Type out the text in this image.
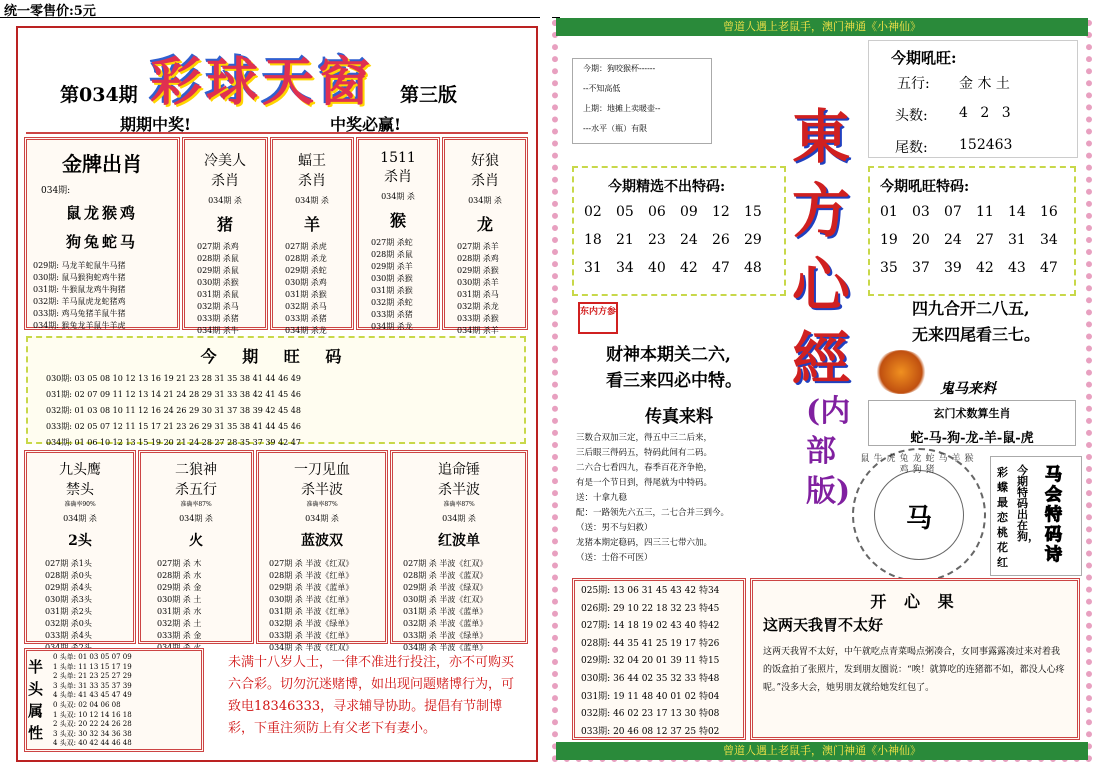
统一零售价:5元
第034期 彩球天窗 第三版
期期中奖!	中奖必赢!
金牌出肖
034期:
鼠龙猴鸡
狗兔蛇马
029期: 马龙羊蛇鼠牛马猪
030期: 鼠马猴狗蛇鸡牛猪
031期: 牛猴鼠龙鸡牛狗猪
032期: 羊马鼠虎龙蛇猪鸡
033期: 鸡马兔猪羊鼠牛猪
034期: 猴兔龙羊鼠牛羊虎
冷美人
杀肖
034期 杀
猪
027期 杀鸡
028期 杀鼠
029期 杀鼠
030期 杀猴
031期 杀鼠
032期 杀马
033期 杀猪
034期 杀牛
蝠王
杀肖
034期 杀
羊
027期 杀虎
028期 杀龙
029期 杀蛇
030期 杀鸡
031期 杀猴
032期 杀马
033期 杀猪
034期 杀龙
1511
杀肖
034期 杀
猴
027期 杀蛇
028期 杀鼠
029期 杀羊
030期 杀猴
031期 杀猴
032期 杀蛇
033期 杀猪
034期 杀龙
好狼
杀肖
034期 杀
龙
027期 杀羊
028期 杀鸡
029期 杀猴
030期 杀羊
031期 杀马
032期 杀龙
033期 杀猴
034期 杀羊
今 期 旺 码
030期: 03 05 08 10 12 13 16 19 21 23 28 31 35 38 41 44 46 49
031期: 02 07 09 11 12 13 14 21 24 28 29 31 33 38 42 41 45 46
032期: 01 03 08 10 11 12 16 24 26 29 30 31 37 38 39 42 45 48
033期: 02 05 07 12 11 15 17 21 23 26 29 31 35 38 41 44 45 46
034期: 01 06 10 12 13 15 19 20 21 24 28 27 28 35 37 39 42 47
九头鹰
禁头
准确率90%
034期 杀
2头
027期 杀1头
028期 杀0头
029期 杀4头
030期 杀3头
031期 杀2头
032期 杀0头
033期 杀4头
二狼神
杀五行
准确率87%
034期 杀
火
027期 杀 木
028期 杀 水
029期 杀 金
030期 杀 土
031期 杀 水
032期 杀 土
033期 杀 金
一刀见血
杀半波
准确率87%
034期 杀
蓝波双
027期 杀 半波《红双》
028期 杀 半波《红单》
029期 杀 半波《蓝单》
030期 杀 半波《红单》
031期 杀 半波《红单》
032期 杀 半波《绿单》
033期 杀 半波《红单》
034期 杀 半波《红双》
追命锤
杀半波
准确率87%
034期 杀
红波单
027期 杀 半波《红双》
028期 杀 半波《蓝双》
029期 杀 半波《绿双》
030期 杀 半波《红双》
031期 杀 半波《蓝单》
032期 杀 半波《蓝单》
033期 杀 半波《绿单》
034期 杀 半波《蓝单》
0 头单: 01 03 05 07 09
1 头单: 11 13 15 17 19
2 头单: 21 23 25 27 29
3 头单: 31 33 35 37 39
4 头单: 41 43 45 47 49
0 头双: 02 04 06 08
1 头双: 10 12 14 16 18
2 头双: 20 22 24 26 28
3 头双: 30 32 34 36 38
4 头双: 40 42 44 46 48
半头属性
未满十八岁人士，一律不准进行投注，亦不可购买六合彩。切勿沉迷赌博，如出现问题赌博行为，可致电18346333，寻求辅导协助。提倡有节制博彩，下重注须防上有父老下有妻小。
曾道人遇上老鼠手，澳门神通《小神仙》
曾道人遇上老鼠手，澳门神通《小神仙》
今期：狗咬猴杯------
--不知高低
上期：地摊上卖暖壶--
---水平（瓶）有限	東方心經
(内部版)
今期吼旺:
五行: 金 木 土
头数: 4 2 3
尾数: 152463
今期精选不出特码:
02	05	06	09	12	15
18	21	23	24	26	29
31	34	40	42	47	48
今期吼旺特码:
01	03	07	11	14	16
19	20	24	27	31	34
35	37	39	42	43	47
四九合开二八五,
无来四尾看三七。
东内方参
财神本期关二六,
看三来四必中特。	鬼马来料
玄门术数算生肖
蛇-马-狗-龙-羊-鼠-虎
传真来料
三数合双加三定，得五中三二后来，
三后眼三得码五，特码此间有二码。
二六合七看四九，春季百花齐争艳，
有是一个节日到，得尾就为中特码。
送：十拿九稳
配：一路领先六五三，二七合并三到今。
（送：男不与妇救）
龙猪本期定稳码，四三三七带六加。
（送：士俗不可医）
马
鼠牛虎兔龙蛇马羊猴鸡狗猪	彩蝶最恋桃花红
今期特码出在狗，
马会特码诗
025期: 13 06 31 45 43 42 特34
026期: 29 10 22 18 32 23 特45
027期: 14 18 19 02 43 40 特42
028期: 44 35 41 25 19 17 特26
029期: 32 04 20 01 39 11 特15
030期: 36 44 02 35 32 33 特48
031期: 19 11 48 40 01 02 特04
032期: 46 02 23 17 13 30 特08
033期: 20 46 08 12 37 25 特02
开 心 果
这两天我胃不太好
这两天我胃不太好，中午就吃点青菜喝点粥凑合，女同事露露凑过来对着我的饭盒拍了张照片，发到朋友圈说：“唉！就算吃的连猪都不如，都没人心疼呢。”没多大会，她男朋友就给她发红包了。
